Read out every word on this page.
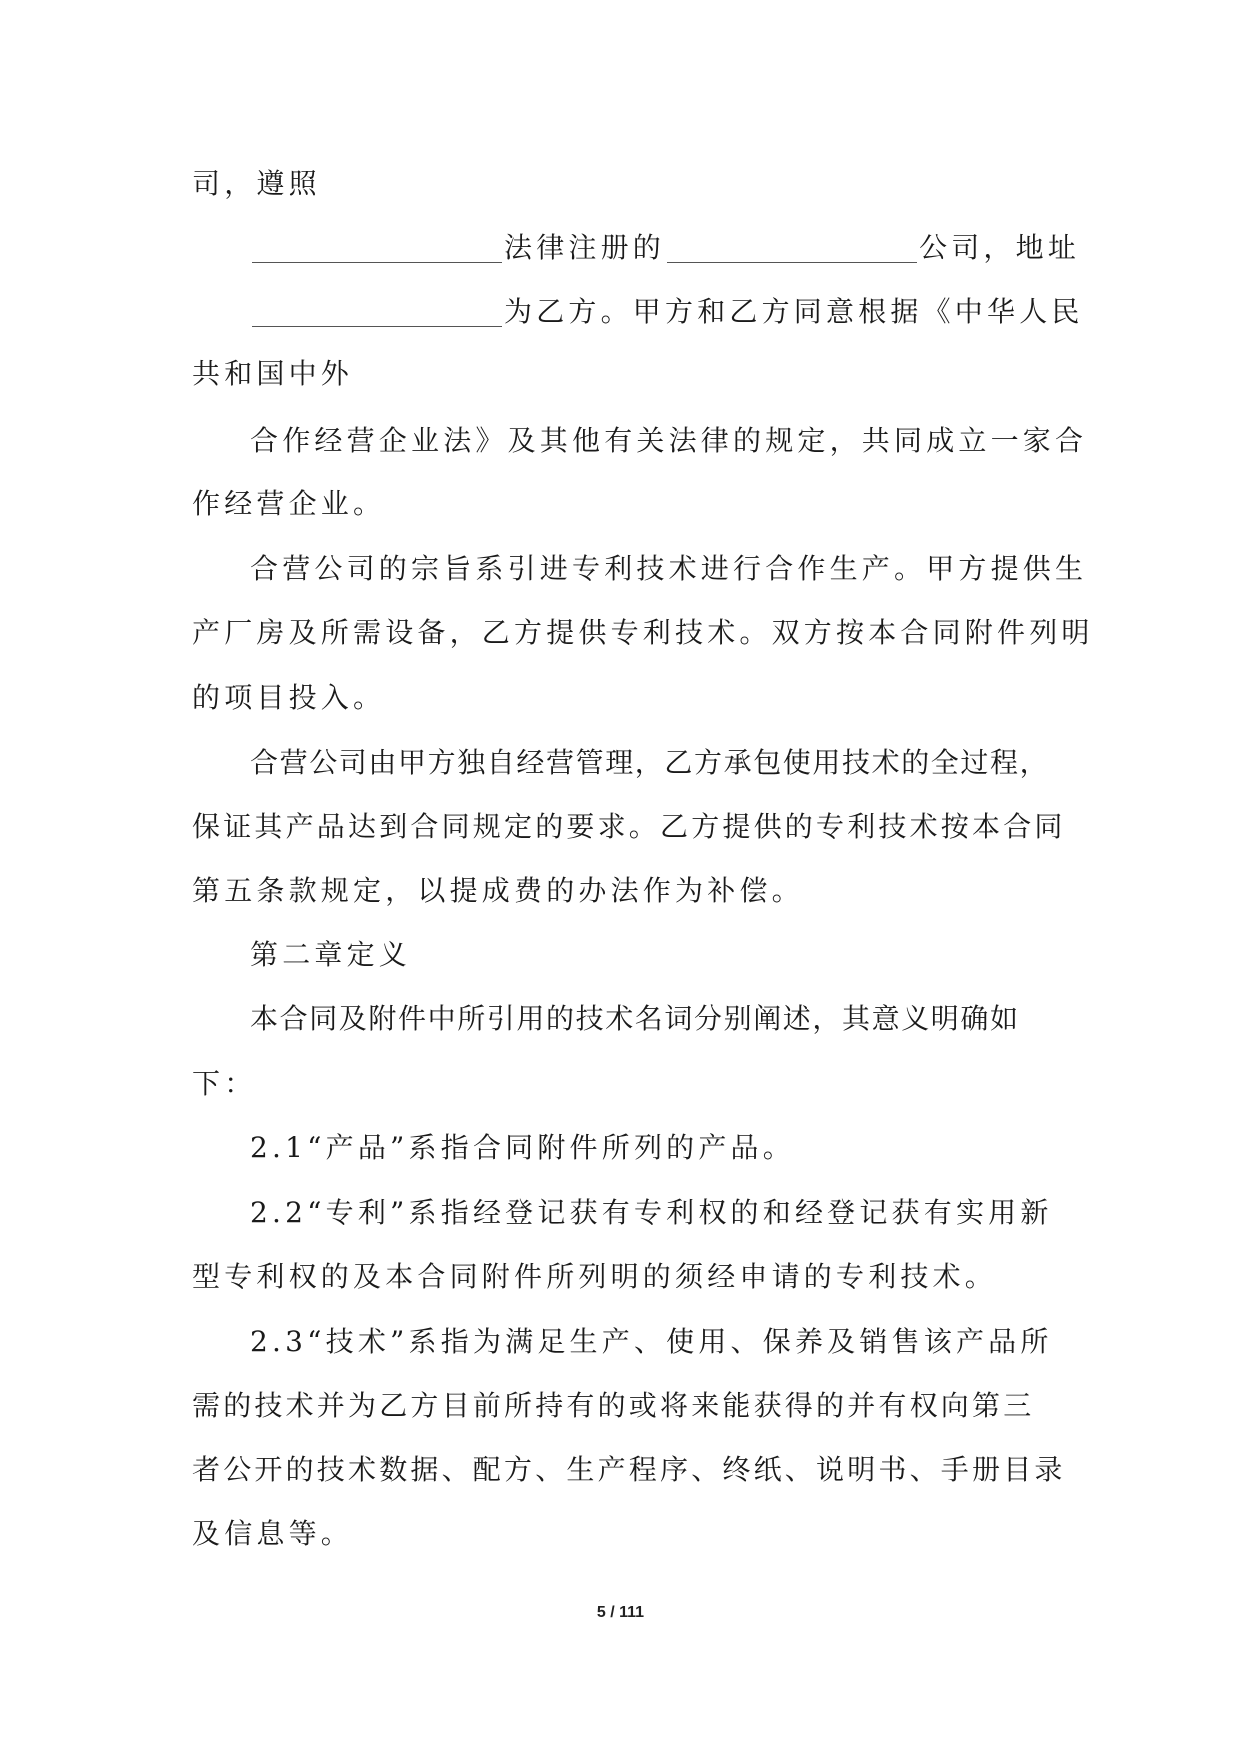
司，遵照
法律注册的	公司，地址
为乙方。甲方和乙方同意根据《中华人民
共和国中外
合作经营企业法》及其他有关法律的规定，共同成立一家合
作经营企业。
合营公司的宗旨系引进专利技术进行合作生产。甲方提供生
产厂房及所需设备，乙方提供专利技术。双方按本合同附件列明
的项目投入。
合营公司由甲方独自经营管理，乙方承包使用技术的全过程，
保证其产品达到合同规定的要求。乙方提供的专利技术按本合同
第五条款规定，以提成费的办法作为补偿。
第二章定义
本合同及附件中所引用的技术名词分别阐述，其意义明确如
下：
2.1“产品”系指合同附件所列的产品。
2.2“专利”系指经登记获有专利权的和经登记获有实用新
型专利权的及本合同附件所列明的须经申请的专利技术。
2.3“技术”系指为满足生产、使用、保养及销售该产品所
需的技术并为乙方目前所持有的或将来能获得的并有权向第三
者公开的技术数据、配方、生产程序、终纸、说明书、手册目录
及信息等。
5 / 111
